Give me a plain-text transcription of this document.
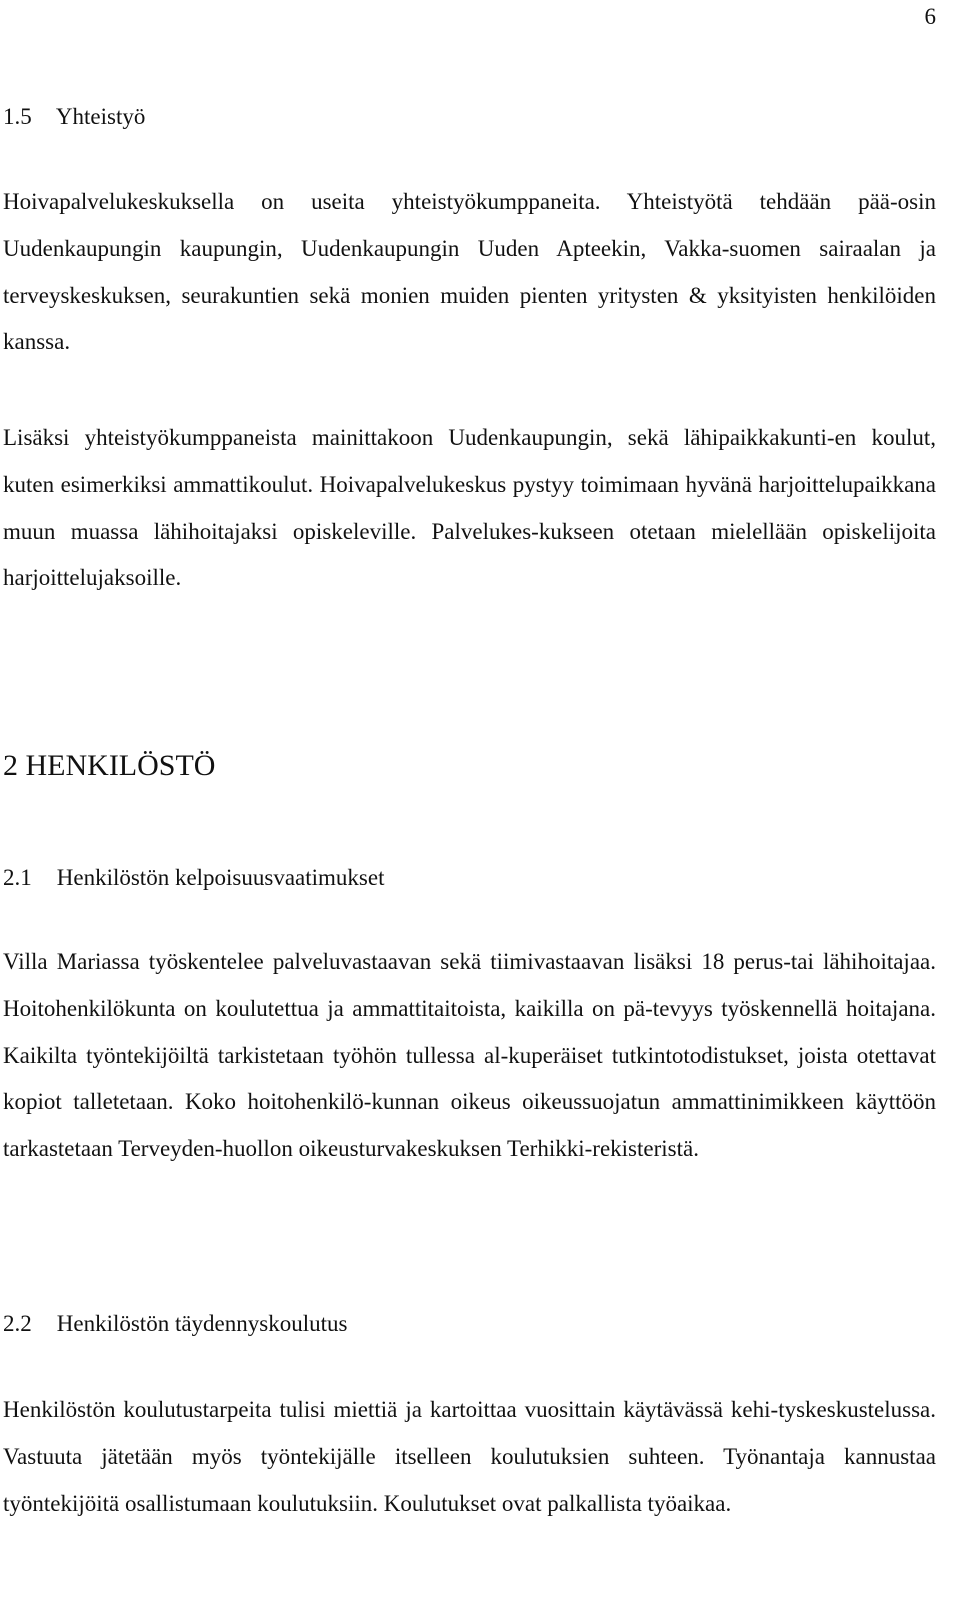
6
1.5 Yhteistyö

Hoivapalvelukeskuksella on useita yhteistyökumppaneita. Yhteistyötä tehdään pää-osin Uudenkaupungin kaupungin, Uudenkaupungin Uuden Apteekin, Vakka-suomen sairaalan ja terveyskeskuksen, seurakuntien sekä monien muiden pienten yritysten & yksityisten henkilöiden kanssa.

Lisäksi yhteistyökumppaneista mainittakoon Uudenkaupungin, sekä lähipaikkakunti-en koulut, kuten esimerkiksi ammattikoulut. Hoivapalvelukeskus pystyy toimimaan hyvänä harjoittelupaikkana muun muassa lähihoitajaksi opiskeleville. Palvelukes-kukseen otetaan mielellään opiskelijoita harjoittelujaksoille.

2 HENKILÖSTÖ
2.1 Henkilöstön kelpoisuusvaatimukset

Villa Mariassa työskentelee palveluvastaavan sekä tiimivastaavan lisäksi 18 perus-tai lähihoitajaa. Hoitohenkilökunta on koulutettua ja ammattitaitoista, kaikilla on pä-tevyys työskennellä hoitajana. Kaikilta työntekijöiltä tarkistetaan työhön tullessa al-kuperäiset tutkintotodistukset, joista otettavat kopiot talletetaan. Koko hoitohenkilö-kunnan oikeus oikeussuojatun ammattinimikkeen käyttöön tarkastetaan Terveyden-huollon oikeusturvakeskuksen Terhikki-rekisteristä.

2.2 Henkilöstön täydennyskoulutus

Henkilöstön koulutustarpeita tulisi miettiä ja kartoittaa vuosittain käytävässä kehi-tyskeskustelussa. Vastuuta jätetään myös työntekijälle itselleen koulutuksien suhteen. Työnantaja kannustaa työntekijöitä osallistumaan koulutuksiin. Koulutukset ovat palkallista työaikaa.
